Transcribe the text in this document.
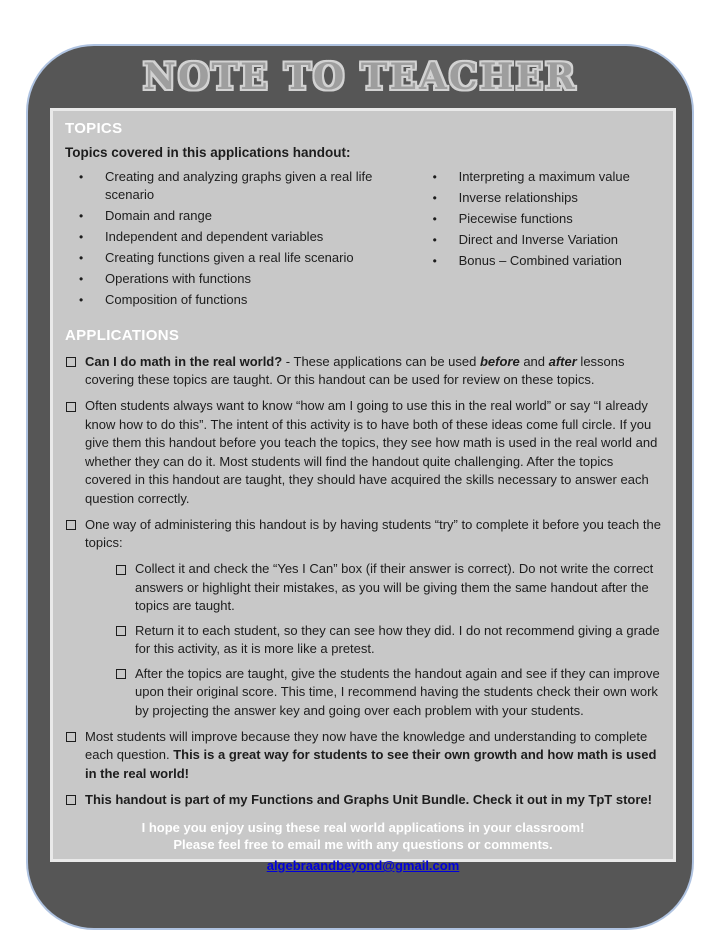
NOTE TO TEACHER
TOPICS
Topics covered in this applications handout:
• Creating and analyzing graphs given a real life scenario
• Domain and range
• Independent and dependent variables
• Creating functions given a real life scenario
• Operations with functions
• Composition of functions
• Interpreting a maximum value
• Inverse relationships
• Piecewise functions
• Direct and Inverse Variation
• Bonus – Combined variation
APPLICATIONS
Can I do math in the real world? - These applications can be used before and after lessons covering these topics are taught. Or this handout can be used for review on these topics.
Often students always want to know “how am I going to use this in the real world” or say “I already know how to do this”. The intent of this activity is to have both of these ideas come full circle. If you give them this handout before you teach the topics, they see how math is used in the real world and whether they can do it. Most students will find the handout quite challenging. After the topics covered in this handout are taught, they should have acquired the skills necessary to answer each question correctly.
One way of administering this handout is by having students “try” to complete it before you teach the topics:
Collect it and check the “Yes I Can” box (if their answer is correct). Do not write the correct answers or highlight their mistakes, as you will be giving them the same handout after the topics are taught.
Return it to each student, so they can see how they did. I do not recommend giving a grade for this activity, as it is more like a pretest.
After the topics are taught, give the students the handout again and see if they can improve upon their original score. This time, I recommend having the students check their own work by projecting the answer key and going over each problem with your students.
Most students will improve because they now have the knowledge and understanding to complete each question. This is a great way for students to see their own growth and how math is used in the real world!
This handout is part of my Functions and Graphs Unit Bundle. Check it out in my TpT store!
I hope you enjoy using these real world applications in your classroom!
Please feel free to email me with any questions or comments.
algebraandbeyond@gmail.com
